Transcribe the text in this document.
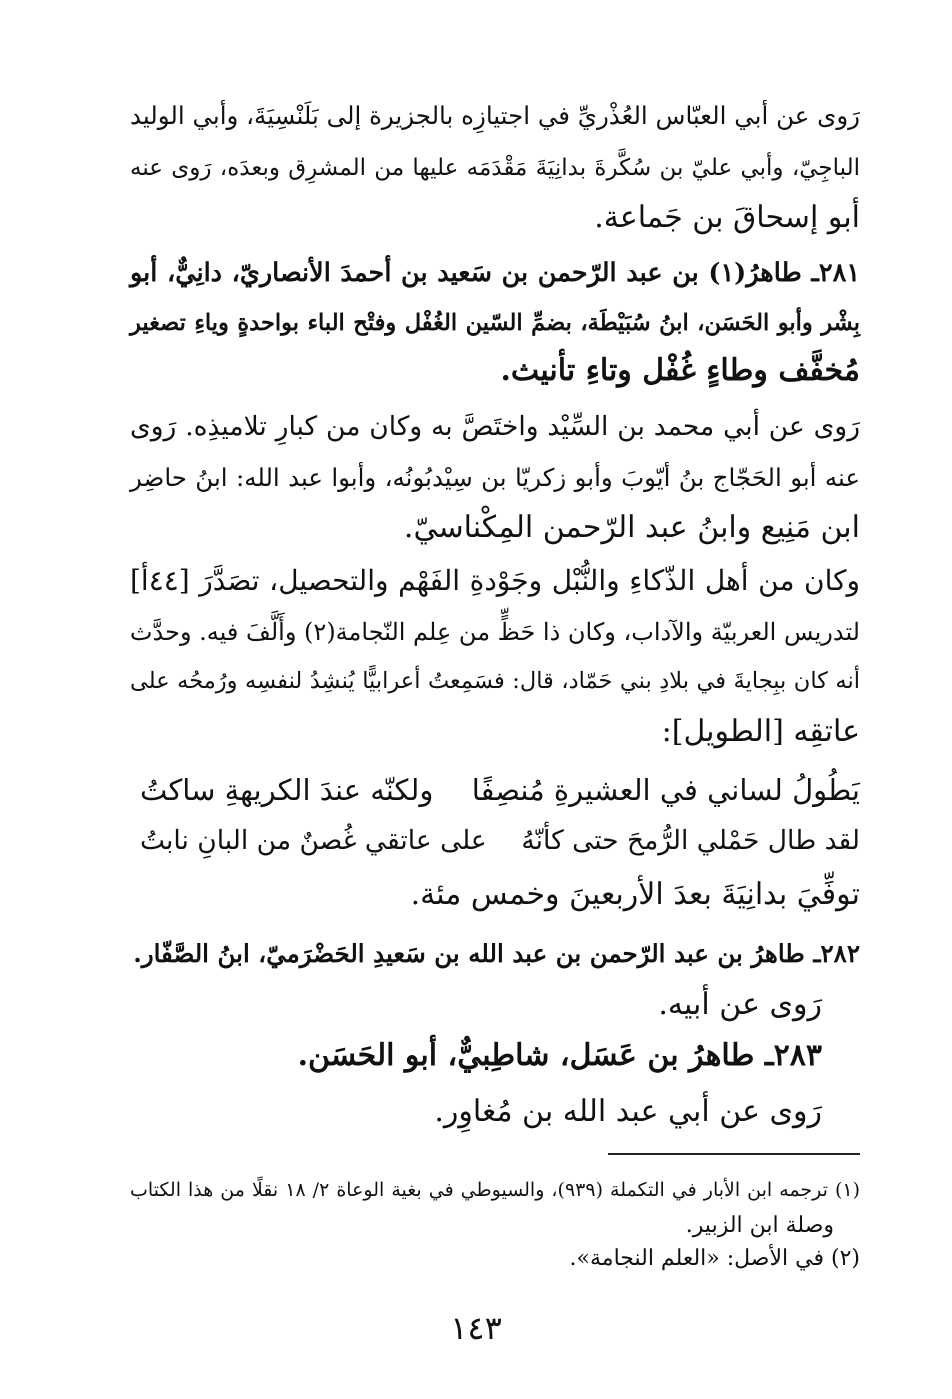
رَوى عن أبي العبّاس العُذْريِّ في اجتيازِه بالجزيرة إلى بَلَنْسِيَةَ، وأبي الوليد
الباجِيّ، وأبي عليّ بن سُكَّرةَ بدانِيَةَ مَقْدَمَه عليها من المشرِق وبعدَه، رَوى عنه
أبو إسحاقَ بن جَماعة.
٢٨١ـ طاهرُ(١) بن عبد الرّحمن بن سَعيد بن أحمدَ الأنصاريّ، دانِيٌّ، أبو
بِشْر وأبو الحَسَن، ابنُ سُبَيْطَة، بضمِّ السّين الغُفْل وفتْح الباء بواحدةٍ وياءِ تصغير
مُخفَّف وطاءٍ غُفْل وتاءِ تأنيث.
رَوى عن أبي محمد بن السِّيْد واختَصَّ به وكان من كبارِ تلاميذِه. رَوى
عنه أبو الحَجّاج بنُ أيّوبَ وأبو زكريّا بن سِيْدبُونُه، وأبوا عبد الله: ابنُ حاضِر
ابن مَنِيع وابنُ عبد الرّحمن المِكْناسيّ.
وكان من أهل الذّكاءِ والنُّبْل وجَوْدةِ الفَهْم والتحصيل، تصَدَّرَ [٤٤أ]
لتدريس العربيّة والآداب، وكان ذا حَظٍّ من عِلم النّجامة(٢) وأَلَّفَ فيه. وحدَّث
أنه كان ببِجايةَ في بلادِ بني حَمّاد، قال: فسَمِعتُ أعرابيًّا يُنشِدُ لنفسِه ورُمحُه على
عاتقِه [الطويل]:
يَطُولُ لساني في العشيرةِ مُنصِفًا
ولكنّه عندَ الكريهةِ ساكتُ
لقد طال حَمْلي الرُّمحَ حتى كأنّهُ
على عاتقي غُصنٌ من البانِ نابتُ
توفِّيَ بدانِيَةَ بعدَ الأربعينَ وخمس مئة.
٢٨٢ـ طاهرُ بن عبد الرّحمن بن عبد الله بن سَعيدِ الحَضْرَميّ، ابنُ الصَّفّار.
رَوى عن أبيه.
٢٨٣ـ طاهرُ بن عَسَل، شاطِبيٌّ، أبو الحَسَن.
رَوى عن أبي عبد الله بن مُغاوِر.
(١) ترجمه ابن الأبار في التكملة (٩٣٩)، والسيوطي في بغية الوعاة ٢/ ١٨ نقلًا من هذا الكتاب
وصلة ابن الزبير.
(٢) في الأصل: «العلم النجامة».
١٤٣
